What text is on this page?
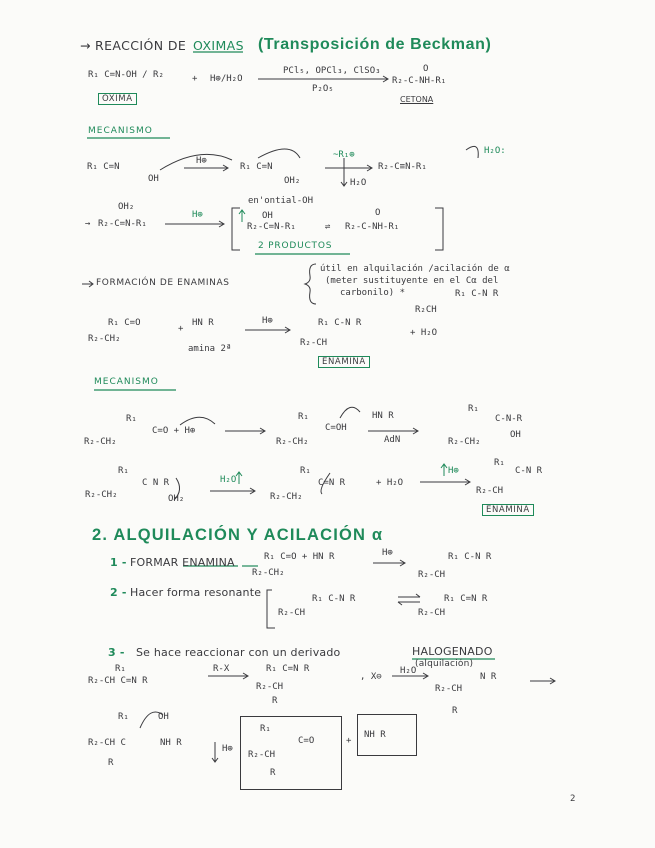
→ REACCIÓN DE OXIMAS (Transposición de Beckman)
R₁ C=N-OH / R₂	+ H⊕/H₂O
PCl₅, OPCl₃, ClSO₃
P₂O₅
O
R₂-C-NH-R₁
OXIMA	CETONA
MECANISMO
R₁ C=N
OH
H⊕
R₁ C=N
OH₂
~R₁⊕
H₂O
R₂-C≡N-R₁
H₂O:
→ R₂-C=N-R₁
OH₂
H⊕
en'ontial-OH
OH
R₂-C=N-R₁	⇌
O
R₂-C-NH-R₁
2 PRODUCTOS
FORMACIÓN DE ENAMINAS
útil en alquilación /acilación de α
(meter sustituyente en el Cα del
carbonilo) *	R₁ C-N R
R₁ C=O
R₂-CH₂
+
HN R
amina 2ª
H⊕	R₁ C-N R
R₂-CH
+ H₂O
R₂CH
ENAMINA
MECANISMO
R₁
C=O + H⊕
R₂-CH₂
R₁
C=OH
R₂-CH₂
HN R
AdN
R₁
C-N-R
OH
R₂-CH₂
R₁
C N R
R₂-CH₂	OH₂
H₂O
R₁
C=N R
R₂-CH₂
+ H₂O
H⊕
R₁
C-N R
R₂-CH
ENAMINA
2. ALQUILACIÓN Y ACILACIÓN α
1 - FORMAR ENAMINA	R₁ C=O + HN R
R₂-CH₂
H⊕	R₁ C-N R
R₂-CH
2 - Hacer forma resonante	R₁ C-N R
R₂-CH
R₁ C=N R
R₂-CH
3 - Se hace reaccionar con un derivado	HALOGENADO
(alquilación)
R₂-CH C=N R
R₁	R-X	R₁ C=N R
R₂-CH
R
, X⊖
H₂O
R₂-CH
N R
R
R₁
R₂-CH C
OH
NH R
R
H⊕
R₁
C=O
R₂-CH
R
+
NH R
2
